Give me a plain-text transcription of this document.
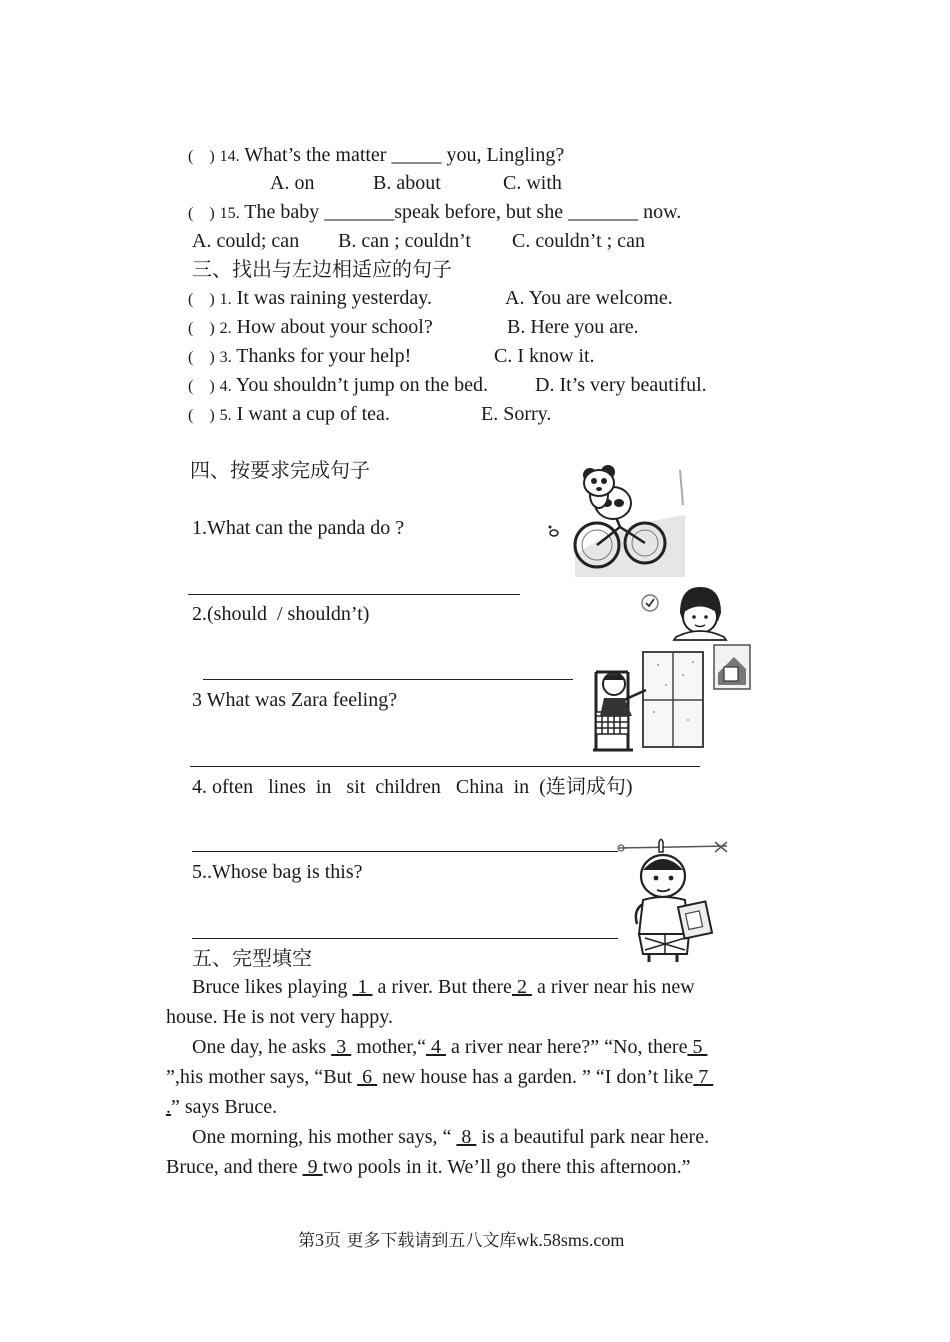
(    ) 14. What’s the matter _____ you, Lingling?
A. on	B. about	C. with
(    ) 15. The baby _______speak before, but she _______ now.
A. could; can B. can ; couldn’t C. couldn’t ; can
三、找出与左边相适应的句子
(    ) 1. It was raining yesterday.	A. You are welcome.
(    ) 2. How about your school?	B. Here you are.
(    ) 3. Thanks for your help!	C. I know it.
(    ) 4. You shouldn’t jump on the bed. D. It’s very beautiful.
(    ) 5. I want a cup of tea.	E. Sorry.
四、按要求完成句子
1.What can the panda do ?
2.(should  / shouldn’t)
3 What was Zara feeling?
4. often   lines  in   sit  children   China  in  (连词成句)
5..Whose bag is this?
五、完型填空
Bruce likes playing  1  a river. But there 2  a river near his new
house. He is not very happy.
One day, he asks  3  mother,“ 4  a river near here?” “No, there 5
”,his mother says, “But  6  new house has a garden. ” “I don’t like 7
.” says Bruce.
One morning, his mother says, “  8  is a beautiful park near here.
Bruce, and there  9 two pools in it. We’ll go there this afternoon.”
第3页 更多下载请到五八文库wk.58sms.com
